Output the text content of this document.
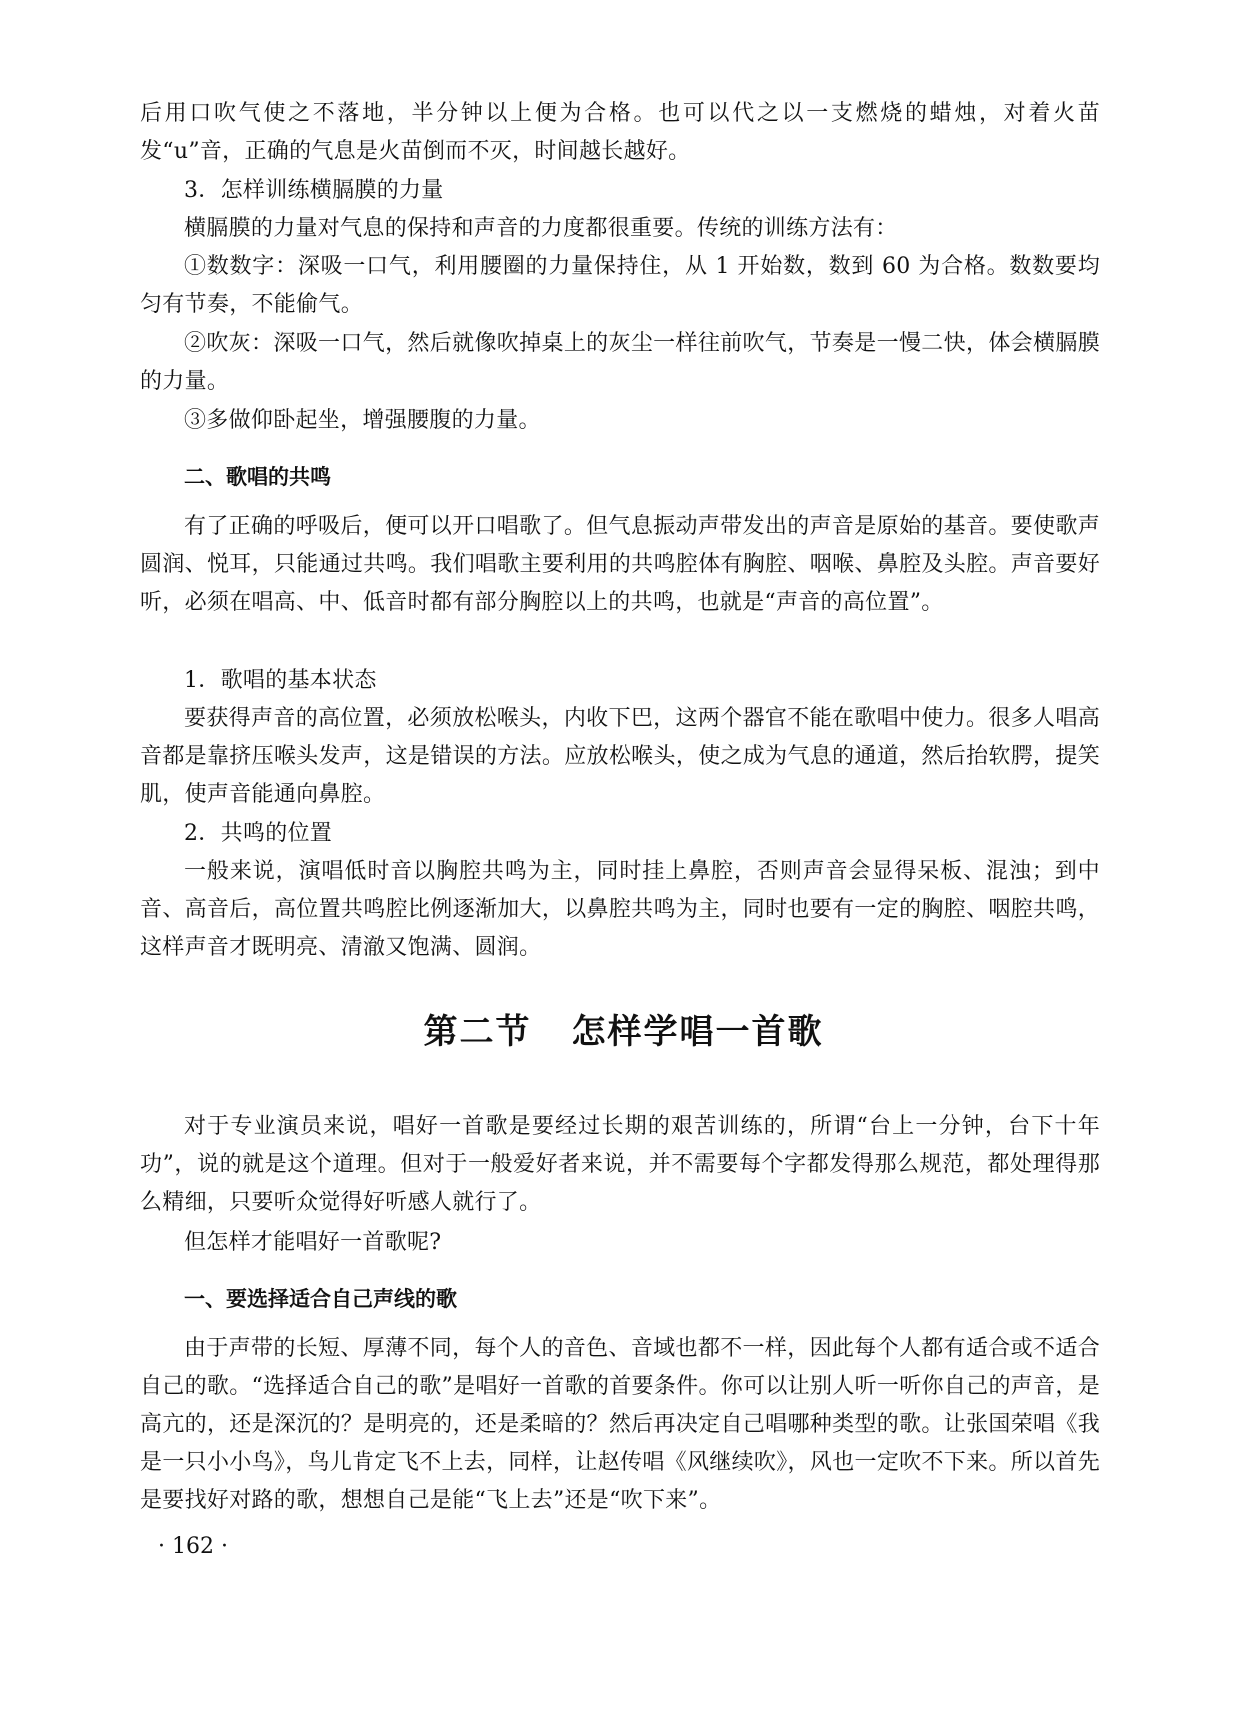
后用口吹气使之不落地，半分钟以上便为合格。也可以代之以一支燃烧的蜡烛，对着火苗发“u”音，正确的气息是火苗倒而不灭，时间越长越好。

3．怎样训练横膈膜的力量

横膈膜的力量对气息的保持和声音的力度都很重要。传统的训练方法有：

①数数字：深吸一口气，利用腰圈的力量保持住，从 1 开始数，数到 60 为合格。数数要均匀有节奏，不能偷气。

②吹灰：深吸一口气，然后就像吹掉桌上的灰尘一样往前吹气，节奏是一慢二快，体会横膈膜的力量。

③多做仰卧起坐，增强腰腹的力量。

二、歌唱的共鸣

有了正确的呼吸后，便可以开口唱歌了。但气息振动声带发出的声音是原始的基音。要使歌声圆润、悦耳，只能通过共鸣。我们唱歌主要利用的共鸣腔体有胸腔、咽喉、鼻腔及头腔。声音要好听，必须在唱高、中、低音时都有部分胸腔以上的共鸣，也就是“声音的高位置”。

1．歌唱的基本状态

要获得声音的高位置，必须放松喉头，内收下巴，这两个器官不能在歌唱中使力。很多人唱高音都是靠挤压喉头发声，这是错误的方法。应放松喉头，使之成为气息的通道，然后抬软腭，提笑肌，使声音能通向鼻腔。

2．共鸣的位置

一般来说，演唱低时音以胸腔共鸣为主，同时挂上鼻腔，否则声音会显得呆板、混浊；到中音、高音后，高位置共鸣腔比例逐渐加大，以鼻腔共鸣为主，同时也要有一定的胸腔、咽腔共鸣，这样声音才既明亮、清澈又饱满、圆润。

第二节 怎样学唱一首歌

对于专业演员来说，唱好一首歌是要经过长期的艰苦训练的，所谓“台上一分钟，台下十年功”，说的就是这个道理。但对于一般爱好者来说，并不需要每个字都发得那么规范，都处理得那么精细，只要听众觉得好听感人就行了。

但怎样才能唱好一首歌呢?

一、要选择适合自己声线的歌

由于声带的长短、厚薄不同，每个人的音色、音域也都不一样，因此每个人都有适合或不适合自己的歌。“选择适合自己的歌”是唱好一首歌的首要条件。你可以让别人听一听你自己的声音，是高亢的，还是深沉的？是明亮的，还是柔暗的？然后再决定自己唱哪种类型的歌。让张国荣唱《我是一只小小鸟》，鸟儿肯定飞不上去，同样，让赵传唱《风继续吹》，风也一定吹不下来。所以首先是要找好对路的歌，想想自己是能“飞上去”还是“吹下来”。

· 162 ·
